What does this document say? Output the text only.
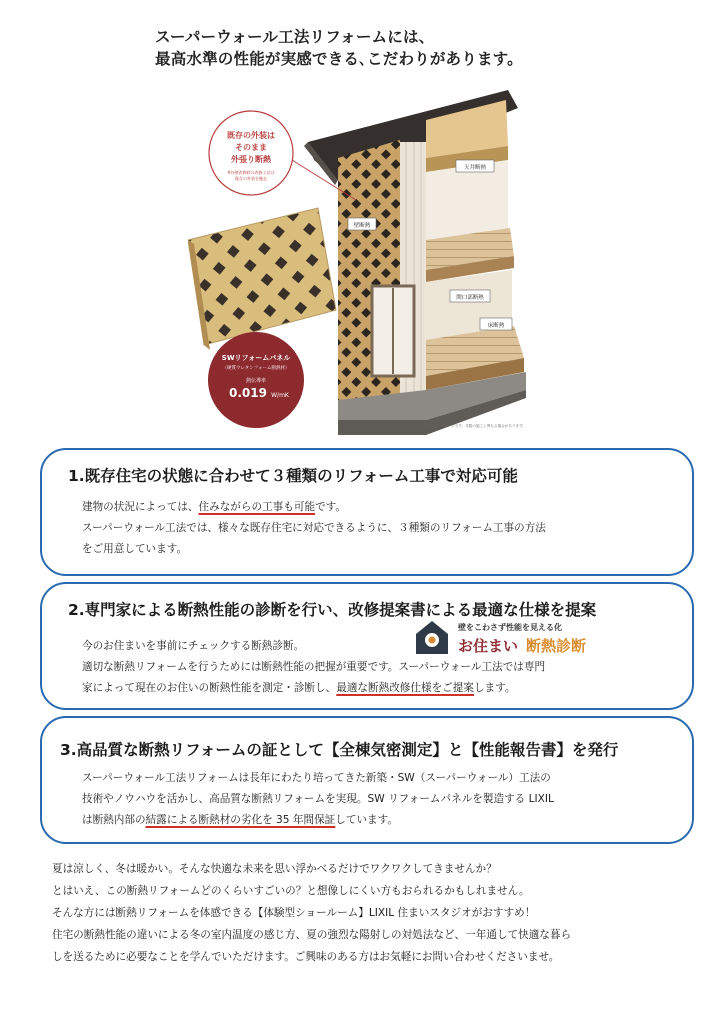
スーパーウォール工法リフォームには、
最高水準の性能が実感できる､こだわりがあります。
既存の外装は
そのまま
外張り断熱
※外壁改修時の改修工法は
既存の外装を撤去
SWリフォームパネル
（硬質ウレタンフォーム断熱材）
熱伝導率
0.019 W/mK
天井断熱
壁断熱
開口部断熱
床断熱
※上記はイメージです。実際の施工と異なる場合があります。
1.既存住宅の状態に合わせて３種類のリフォーム工事で対応可能
建物の状況によっては、住みながらの工事も可能です。
スーパーウォール工法では、様々な既存住宅に対応できるように、３種類のリフォーム工事の方法
をご用意しています。
2.専門家による断熱性能の診断を行い、改修提案書による最適な仕様を提案
今のお住まいを事前にチェックする断熱診断。
適切な断熱リフォームを行うためには断熱性能の把握が重要です。スーパーウォール工法では専門
家によって現在のお住いの断熱性能を測定・診断し、最適な断熱改修仕様をご提案します。
壁をこわさず性能を見える化
お住まい 断熱診断
3.高品質な断熱リフォームの証として【全棟気密測定】と【性能報告書】を発行
スーパーウォール工法リフォームは長年にわたり培ってきた新築・SW（スーパーウォール）工法の
技術やノウハウを活かし、高品質な断熱リフォームを実現。SW リフォームパネルを製造する LIXIL
は断熱内部の結露による断熱材の劣化を 35 年間保証しています。
夏は涼しく、冬は暖かい。そんな快適な未来を思い浮かべるだけでワクワクしてきませんか？
とはいえ、この断熱リフォームどのくらいすごいの？と想像しにくい方もおられるかもしれません。
そんな方には断熱リフォームを体感できる【体験型ショールーム】LIXIL 住まいスタジオがおすすめ！
住宅の断熱性能の違いによる冬の室内温度の感じ方、夏の強烈な陽射しの対処法など、一年通して快適な暮ら
しを送るために必要なことを学んでいただけます。ご興味のある方はお気軽にお問い合わせくださいませ。
